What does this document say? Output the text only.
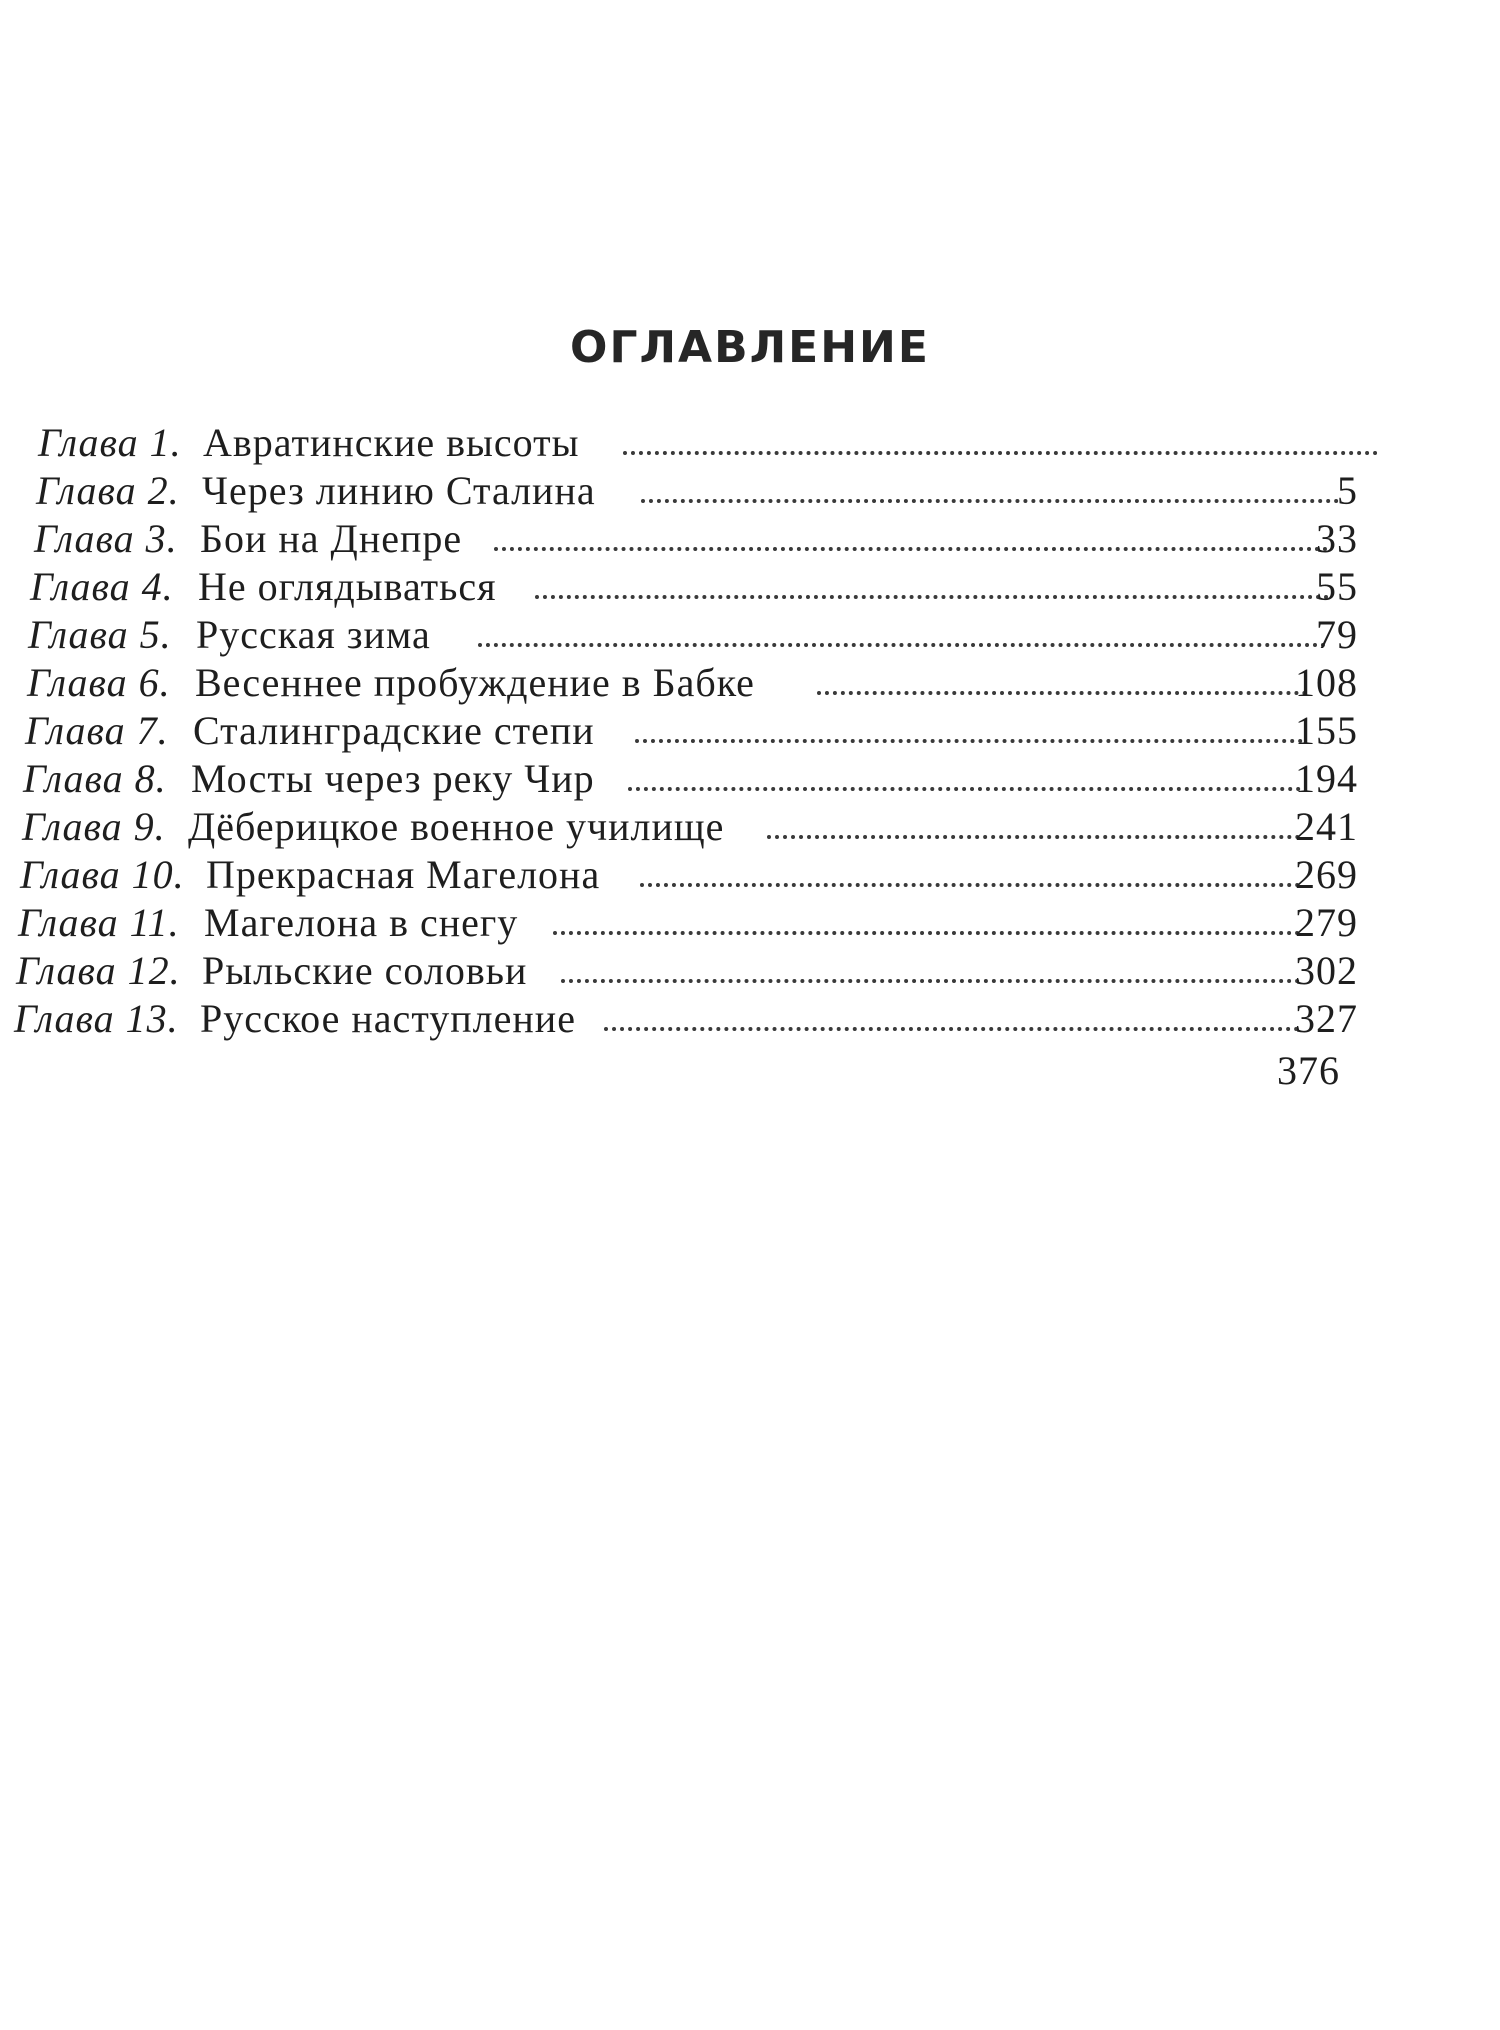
ОГЛАВЛЕНИЕ
Глава 1. Авратинские высоты
Глава 2. Через линию Сталина	5
Глава 3. Бои на Днепре	33
Глава 4. Не оглядываться	55
Глава 5. Русская зима	79
Глава 6. Весеннее пробуждение в Бабке	108
Глава 7. Сталинградские степи	155
Глава 8. Мосты через реку Чир	194
Глава 9. Дёберицкое военное училище	241
Глава 10. Прекрасная Магелона	269
Глава 11. Магелона в снегу	279
Глава 12. Рыльские соловьи	302
Глава 13. Русское наступление	327
376
